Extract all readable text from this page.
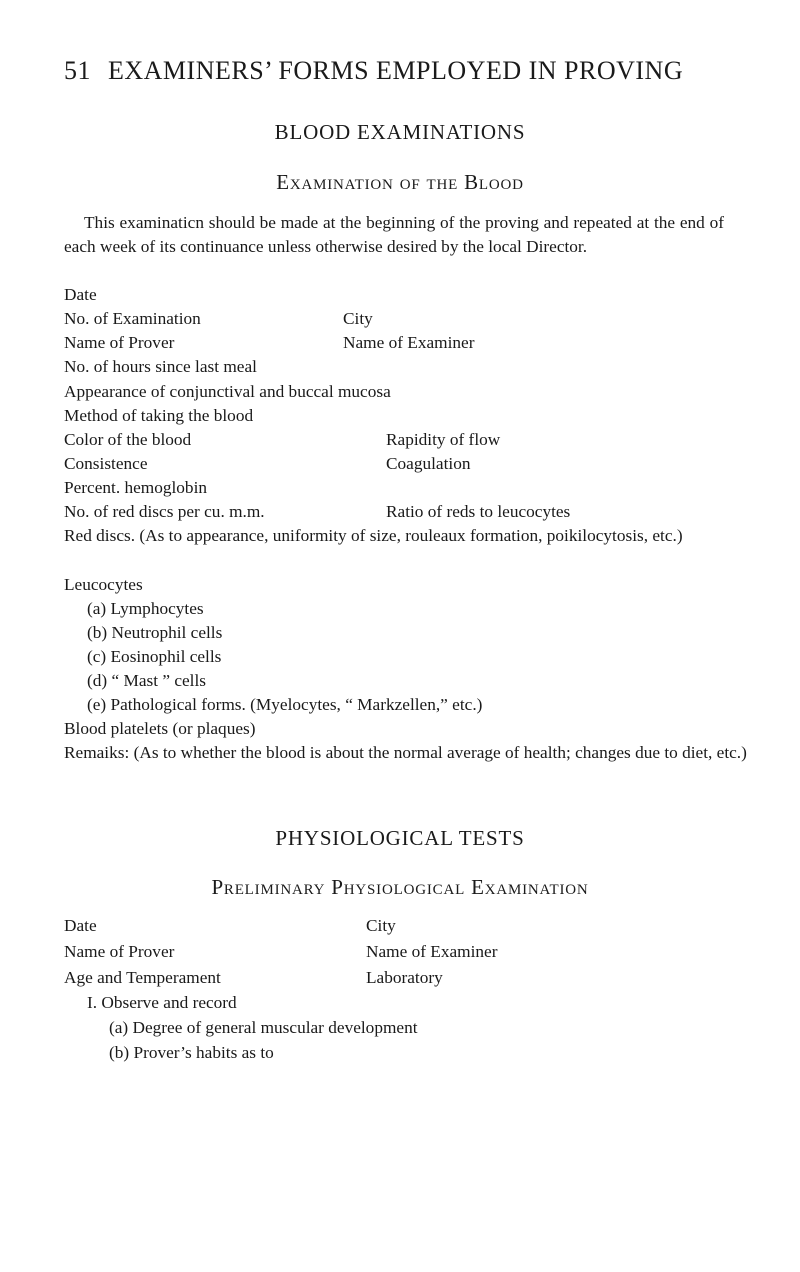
51 EXAMINERS’ FORMS EMPLOYED IN PROVING
BLOOD EXAMINATIONS
Examination of the Blood
This examinaticn should be made at the beginning of the proving and repeated at the end of each week of its continuance unless otherwise desired by the local Director.
Date
No. of Examination	City
Name of Prover	Name of Examiner
No. of hours since last meal
Appearance of conjunctival and buccal mucosa
Method of taking the blood
Color of the blood	Rapidity of flow
Consistence	Coagulation
Percent. hemoglobin
No. of red discs per cu. m.m.	Ratio of reds to leucocytes
Red discs. (As to appearance, uniformity of size, rouleaux formation, poikilocytosis, etc.)
Leucocytes
(a) Lymphocytes
(b) Neutrophil cells
(c) Eosinophil cells
(d) “ Mast ” cells
(e) Pathological forms. (Myelocytes, “ Markzellen,” etc.)
Blood platelets (or plaques)
Remaiks: (As to whether the blood is about the normal average of health; changes due to diet, etc.)
PHYSIOLOGICAL TESTS
Preliminary Physiological Examination
Date	City
Name of Prover	Name of Examiner
Age and Temperament	Laboratory
I. Observe and record
(a) Degree of general muscular development
(b) Prover’s habits as to
